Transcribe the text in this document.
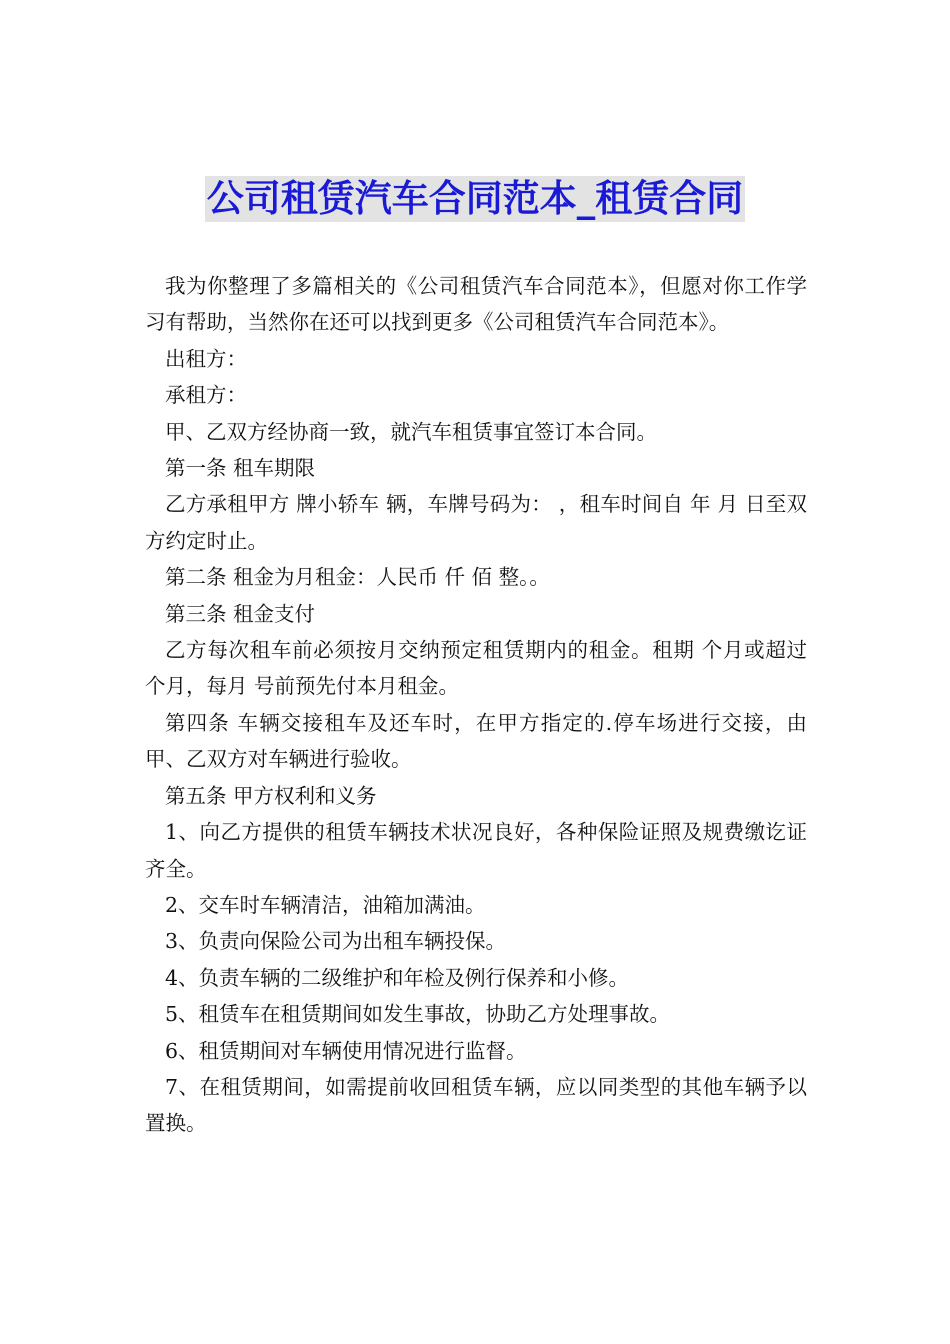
公司租赁汽车合同范本_租赁合同

我为你整理了多篇相关的《公司租赁汽车合同范本》，但愿对你工作学习有帮助，当然你在还可以找到更多《公司租赁汽车合同范本》。

出租方：

承租方：

甲、乙双方经协商一致，就汽车租赁事宜签订本合同。

第一条 租车期限

乙方承租甲方 牌小轿车 辆，车牌号码为： ，租车时间自 年 月 日至双方约定时止。

第二条 租金为月租金：人民币 仟 佰 整。。

第三条 租金支付

乙方每次租车前必须按月交纳预定租赁期内的租金。租期 个月或超过 个月，每月 号前预先付本月租金。

第四条 车辆交接租车及还车时，在甲方指定的.停车场进行交接，由甲、乙双方对车辆进行验收。

第五条 甲方权利和义务

1、向乙方提供的租赁车辆技术状况良好，各种保险证照及规费缴讫证齐全。

2、交车时车辆清洁，油箱加满油。

3、负责向保险公司为出租车辆投保。

4、负责车辆的二级维护和年检及例行保养和小修。

5、租赁车在租赁期间如发生事故，协助乙方处理事故。

6、租赁期间对车辆使用情况进行监督。

7、在租赁期间，如需提前收回租赁车辆，应以同类型的其他车辆予以置换。
